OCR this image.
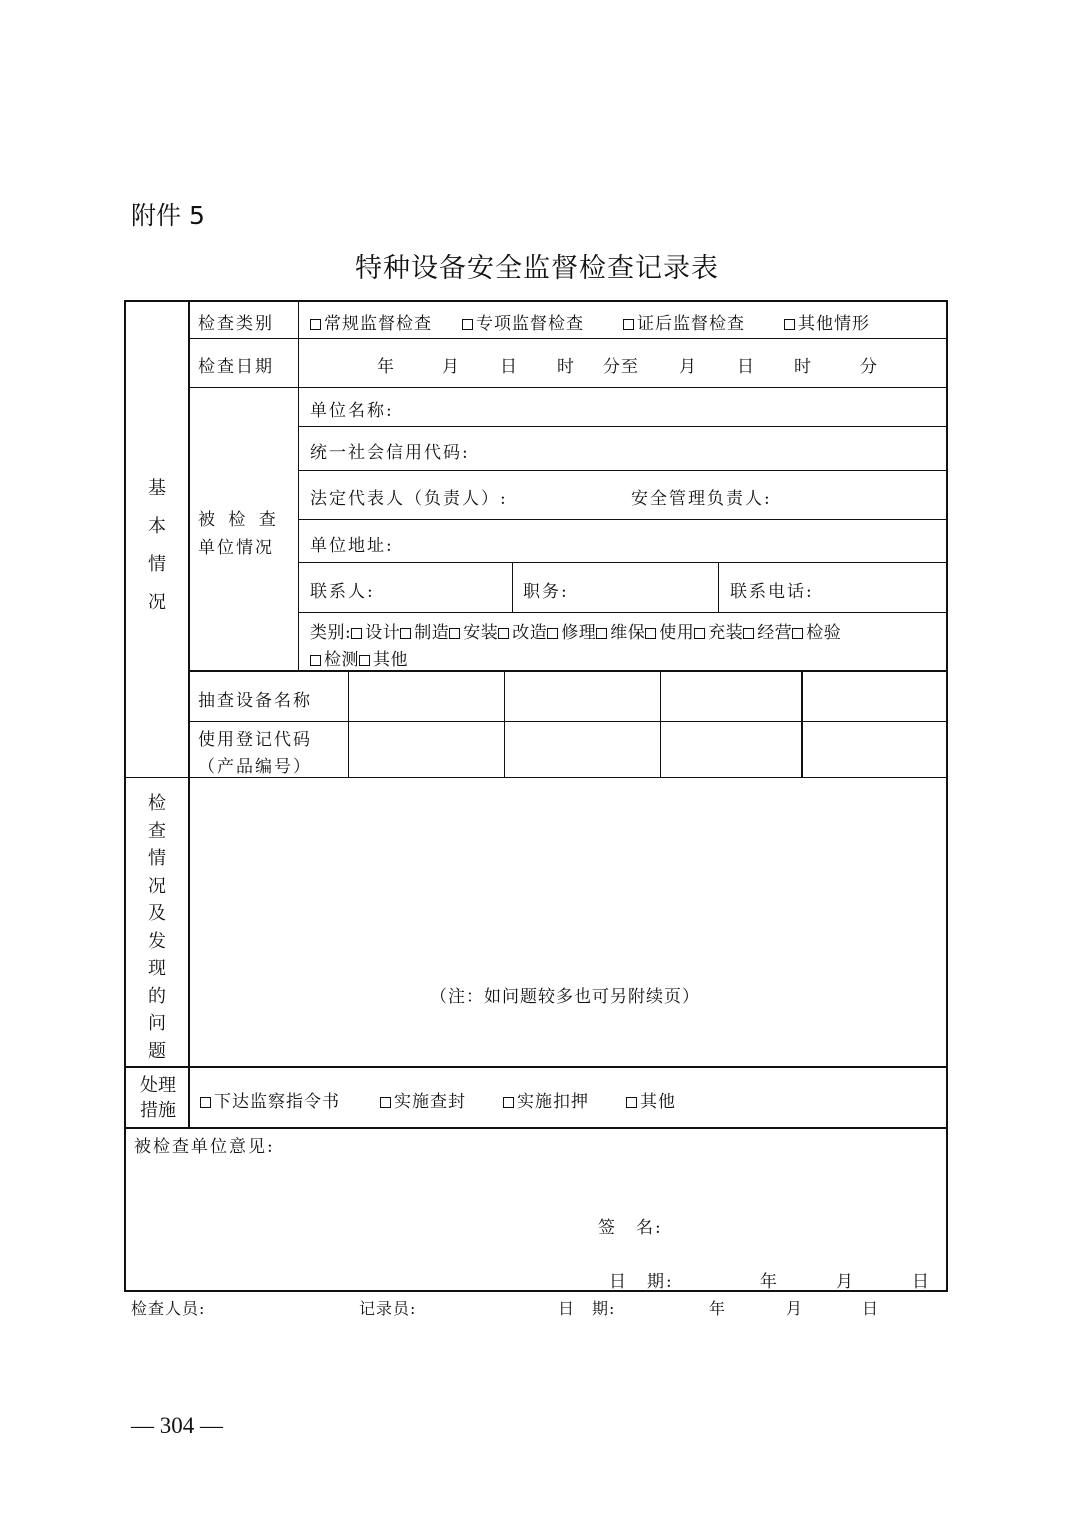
附件 5
特种设备安全监督检查记录表
基
本
情
况
检查类别	常规监督检查	专项监督检查	证后监督检查	其他情形
检查日期	年	月 日 时 分至 月 日 时	分
被 检 查
单位情况
单位名称:
统一社会信用代码:
法定代表人（负责人）:	安全管理负责人:
单位地址:
联系人:	职务:	联系电话:
类别: 设计 制造 安装 改造 修理 维保 使用 充装 经营 检验
检测 其他
抽查设备名称
使用登记代码
（产品编号）
检
查
情
况
及
发
现
的
问
题
（注：如问题较多也可另附续页）
处理
措施	下达监察指令书	实施查封	实施扣押	其他
被检查单位意见:
签　名:
日　期:	年	月	日
检查人员:	记录员:	日　期:	年	月	日
— 304 —
